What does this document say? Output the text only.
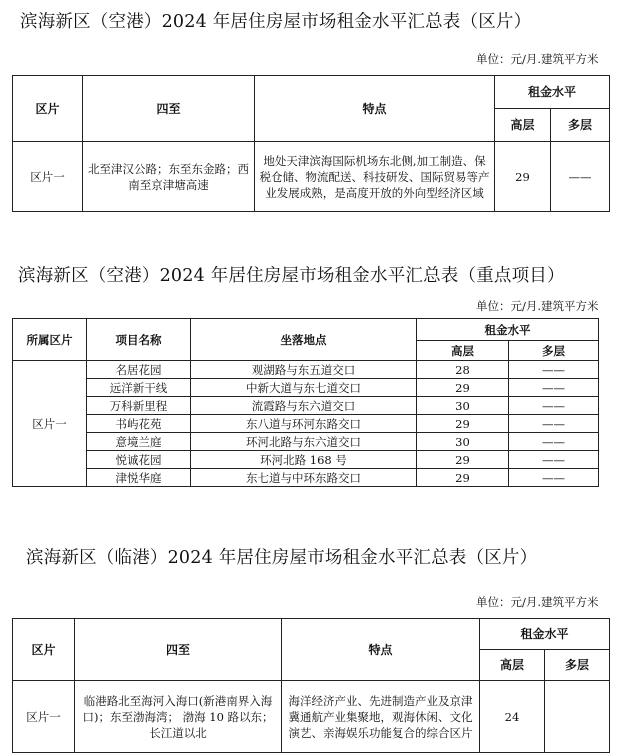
滨海新区（空港）2024 年居住房屋市场租金水平汇总表（区片）
单位：元/月.建筑平方米
区片	四至	特点	租金水平	
			高层	多层
区片一	北至津汉公路；东至东金路；西南至京津塘高速	地处天津滨海国际机场东北侧,加工制造、保税仓储、物流配送、科技研发、国际贸易等产业发展成熟，是高度开放的外向型经济区域	29	——
滨海新区（空港）2024 年居住房屋市场租金水平汇总表（重点项目）
单位：元/月.建筑平方米
所属区片	项目名称	坐落地点	租金水平	
			高层	多层
区片一	名居花园	观湖路与东五道交口	28	——
	远洋新干线	中新大道与东七道交口	29	——
	万科新里程	流霞路与东六道交口	30	——
	书屿花苑	东八道与环河东路交口	29	——
	意境兰庭	环河北路与东六道交口	30	——
	悦诚花园	环河北路 168 号	29	——
	津悦华庭	东七道与中环东路交口	29	——
滨海新区（临港）2024 年居住房屋市场租金水平汇总表（区片）
单位：元/月.建筑平方米
区片	四至	特点	租金水平	
			高层	多层
区片一	临港路北至海河入海口(新港南界入海口)；东至渤海湾； 渤海 10 路以东；长江道以北	海洋经济产业、先进制造产业及京津冀通航产业集聚地，观海休闲、文化演艺、亲海娱乐功能复合的综合区片	24	
